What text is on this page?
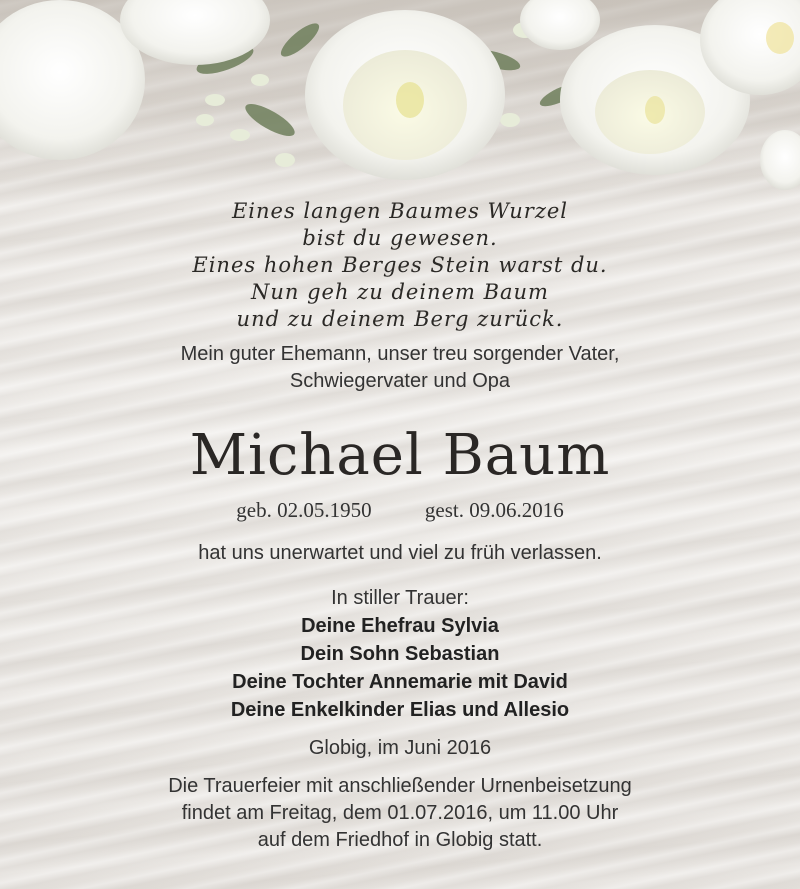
Eines langen Baumes Wurzel
bist du gewesen.
Eines hohen Berges Stein warst du.
Nun geh zu deinem Baum
und zu deinem Berg zurück.
Mein guter Ehemann, unser treu sorgender Vater,
Schwiegervater und Opa
Michael Baum
geb. 02.05.1950	gest. 09.06.2016
hat uns unerwartet und viel zu früh verlassen.
In stiller Trauer:
Deine Ehefrau Sylvia
Dein Sohn Sebastian
Deine Tochter Annemarie mit David
Deine Enkelkinder Elias und Allesio
Globig, im Juni 2016
Die Trauerfeier mit anschließender Urnenbeisetzung
findet am Freitag, dem 01.07.2016, um 11.00 Uhr
auf dem Friedhof in Globig statt.
